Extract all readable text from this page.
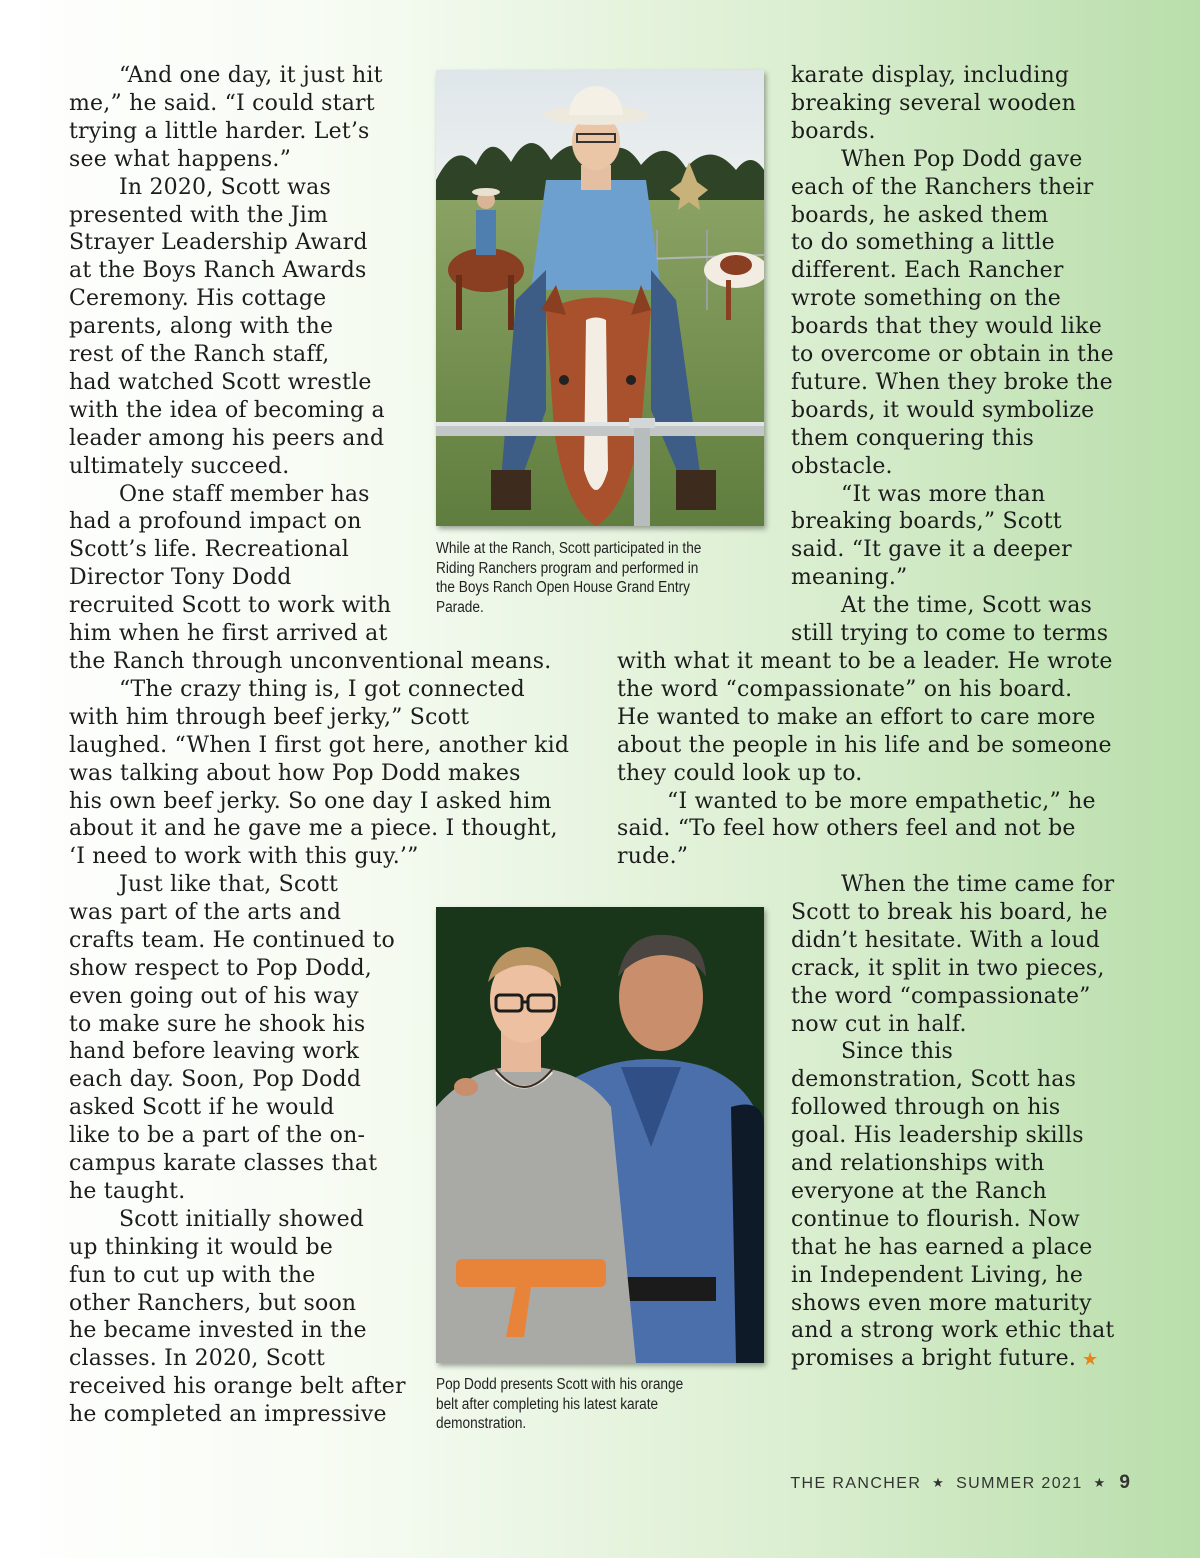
“And one day, it just hit

me,” he said. “I could start

trying a little harder. Let’s

see what happens.”

In 2020, Scott was

presented with the Jim

Strayer Leadership Award

at the Boys Ranch Awards

Ceremony. His cottage

parents, along with the

rest of the Ranch staff,

had watched Scott wrestle

with the idea of becoming a

leader among his peers and

ultimately succeed.

One staff member has

had a profound impact on

Scott’s life. Recreational

Director Tony Dodd

recruited Scott to work with

him when he first arrived at

karate display, including

breaking several wooden

boards.

When Pop Dodd gave

each of the Ranchers their

boards, he asked them

to do something a little

different. Each Rancher

wrote something on the

boards that they would like

to overcome or obtain in the

future. When they broke the

boards, it would symbolize

them conquering this

obstacle.

“It was more than

breaking boards,” Scott

said. “It gave it a deeper

meaning.”

At the time, Scott was

still trying to come to terms

the Ranch through unconventional means.

“The crazy thing is, I got connected

with him through beef jerky,” Scott

laughed. “When I first got here, another kid

was talking about how Pop Dodd makes

his own beef jerky. So one day I asked him

about it and he gave me a piece. I thought,

‘I need to work with this guy.’”

with what it meant to be a leader. He wrote

the word “compassionate” on his board.

He wanted to make an effort to care more

about the people in his life and be someone

they could look up to.

“I wanted to be more empathetic,” he

said. “To feel how others feel and not be

rude.”

Just like that, Scott

was part of the arts and

crafts team. He continued to

show respect to Pop Dodd,

even going out of his way

to make sure he shook his

hand before leaving work

each day. Soon, Pop Dodd

asked Scott if he would

like to be a part of the on-

campus karate classes that

he taught.

Scott initially showed

up thinking it would be

fun to cut up with the

other Ranchers, but soon

he became invested in the

classes. In 2020, Scott

received his orange belt after

he completed an impressive

When the time came for

Scott to break his board, he

didn’t hesitate. With a loud

crack, it split in two pieces,

the word “compassionate”

now cut in half.

Since this

demonstration, Scott has

followed through on his

goal. His leadership skills

and relationships with

everyone at the Ranch

continue to flourish. Now

that he has earned a place

in Independent Living, he

shows even more maturity

and a strong work ethic that

promises a bright future. ★

While at the Ranch, Scott participated in the
Riding Ranchers program and performed in
the Boys Ranch Open House Grand Entry
Parade.
Pop Dodd presents Scott with his orange
belt after completing his latest karate
demonstration.
THE RANCHER ★ SUMMER 2021 ★ 9
